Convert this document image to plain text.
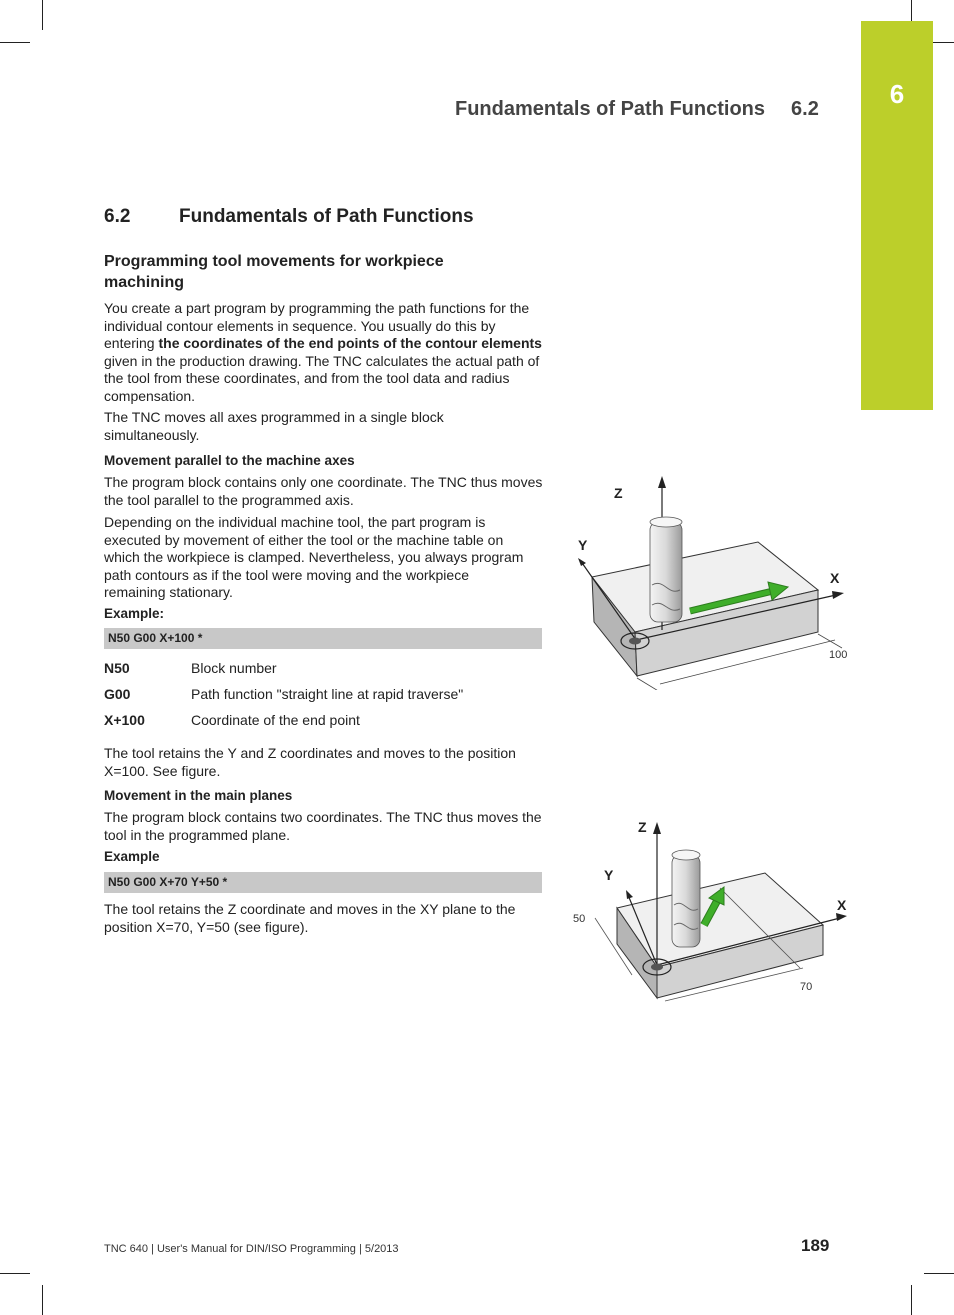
6
Fundamentals of Path Functions 6.2
6.2	Fundamentals of Path Functions
Programming tool movements for workpiece machining

You create a part program by programming the path functions for the individual contour elements in sequence. You usually do this by entering the coordinates of the end points of the contour elements given in the production drawing. The TNC calculates the actual path of the tool from these coordinates, and from the tool data and radius compensation.

The TNC moves all axes programmed in a single block simultaneously.

Movement parallel to the machine axes

The program block contains only one coordinate. The TNC thus moves the tool parallel to the programmed axis.

Depending on the individual machine tool, the part program is executed by movement of either the tool or the machine table on which the workpiece is clamped. Nevertheless, you always program path contours as if the tool were moving and the workpiece remaining stationary.

Example:

N50 G00 X+100 *
N50	Block number
G00	Path function "straight line at rapid traverse"
X+100	Coordinate of the end point

The tool retains the Y and Z coordinates and moves to the position X=100. See figure.

Movement in the main planes

The program block contains two coordinates. The TNC thus moves the tool in the programmed plane.

Example

N50 G00 X+70 Y+50 *

The tool retains the Z coordinate and moves in the XY plane to the position X=70, Y=50 (see figure).

Z
Y
X
100
Z
Y
X
50
70
TNC 640 | User's Manual for DIN/ISO Programming | 5/2013	189
